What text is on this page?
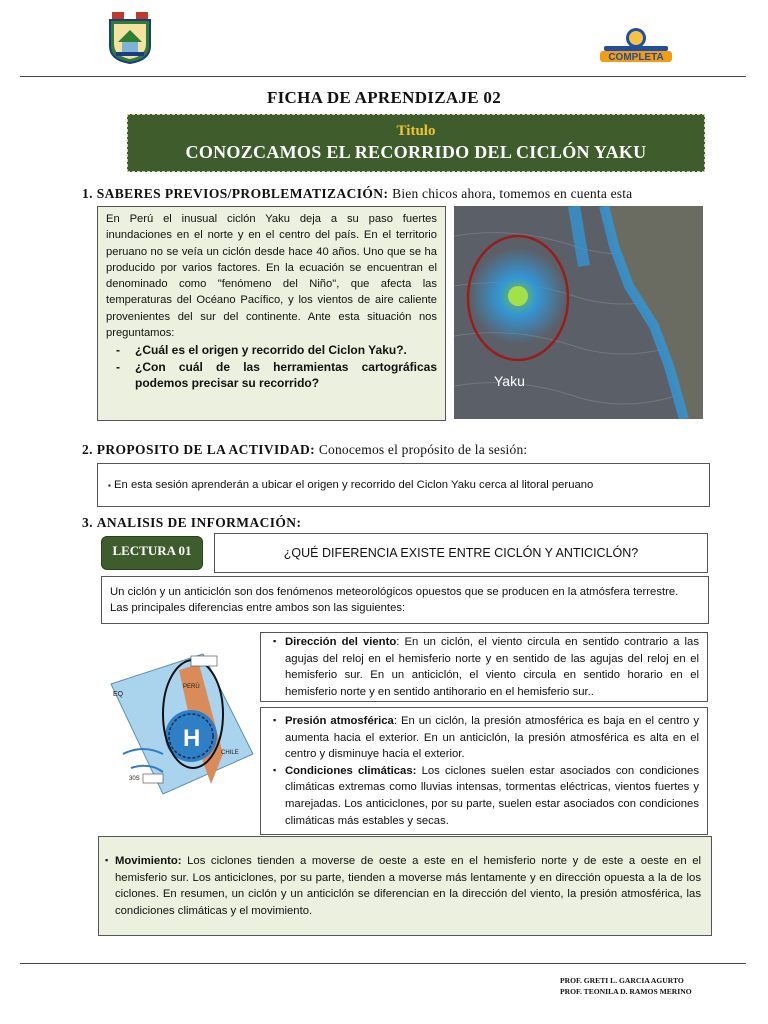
COMPLETA
FICHA DE APRENDIZAJE 02
Titulo
CONOZCAMOS EL RECORRIDO DEL CICLÓN YAKU
1. SABERES PREVIOS/PROBLEMATIZACIÓN: Bien chicos ahora, tomemos en cuenta esta

En Perú el inusual ciclón Yaku deja a su paso fuertes inundaciones en el norte y en el centro del país. En el territorio peruano no se veía un ciclón desde hace 40 años. Uno que se ha producido por varios factores. En la ecuación se encuentran el denominado como "fenómeno del Niño", que afecta las temperaturas del Océano Pacífico, y los vientos de aire caliente provenientes del sur del continente. Ante esta situación nos preguntamos:

- ¿Cuál es el origen y recorrido del Ciclon Yaku?.
- ¿Con cuál de las herramientas cartográficas podemos precisar su recorrido?	Yaku
2. PROPOSITO DE LA ACTIVIDAD: Conocemos el propósito de la sesión:
▪ En esta sesión aprenderán a ubicar el origen y recorrido del Ciclon Yaku cerca al litoral peruano
3. ANALISIS DE INFORMACIÓN:
LECTURA 01	¿QUÉ DIFERENCIA EXISTE ENTRE CICLÓN Y ANTICICLÓN?
Un ciclón y un anticiclón son dos fenómenos meteorológicos opuestos que se producen en la atmósfera terrestre. Las principales diferencias entre ambos son las siguientes:
EQ
PERÚ
CHILE
H
30S

▪ Dirección del viento: En un ciclón, el viento circula en sentido contrario a las agujas del reloj en el hemisferio norte y en sentido de las agujas del reloj en el hemisferio sur. En un anticiclón, el viento circula en sentido horario en el hemisferio norte y en sentido antihorario en el hemisferio sur..

▪ Presión atmosférica: En un ciclón, la presión atmosférica es baja en el centro y aumenta hacia el exterior. En un anticiclón, la presión atmosférica es alta en el centro y disminuye hacia el exterior.

▪ Condiciones climáticas: Los ciclones suelen estar asociados con condiciones climáticas extremas como lluvias intensas, tormentas eléctricas, vientos fuertes y marejadas. Los anticiclones, por su parte, suelen estar asociados con condiciones climáticas más estables y secas.

▪ Movimiento: Los ciclones tienden a moverse de oeste a este en el hemisferio norte y de este a oeste en el hemisferio sur. Los anticiclones, por su parte, tienden a moverse más lentamente y en dirección opuesta a la de los ciclones. En resumen, un ciclón y un anticiclón se diferencian en la dirección del viento, la presión atmosférica, las condiciones climáticas y el movimiento.

PROF. GRETI L. GARCIA AGURTO
PROF. TEONILA D. RAMOS MERINO
